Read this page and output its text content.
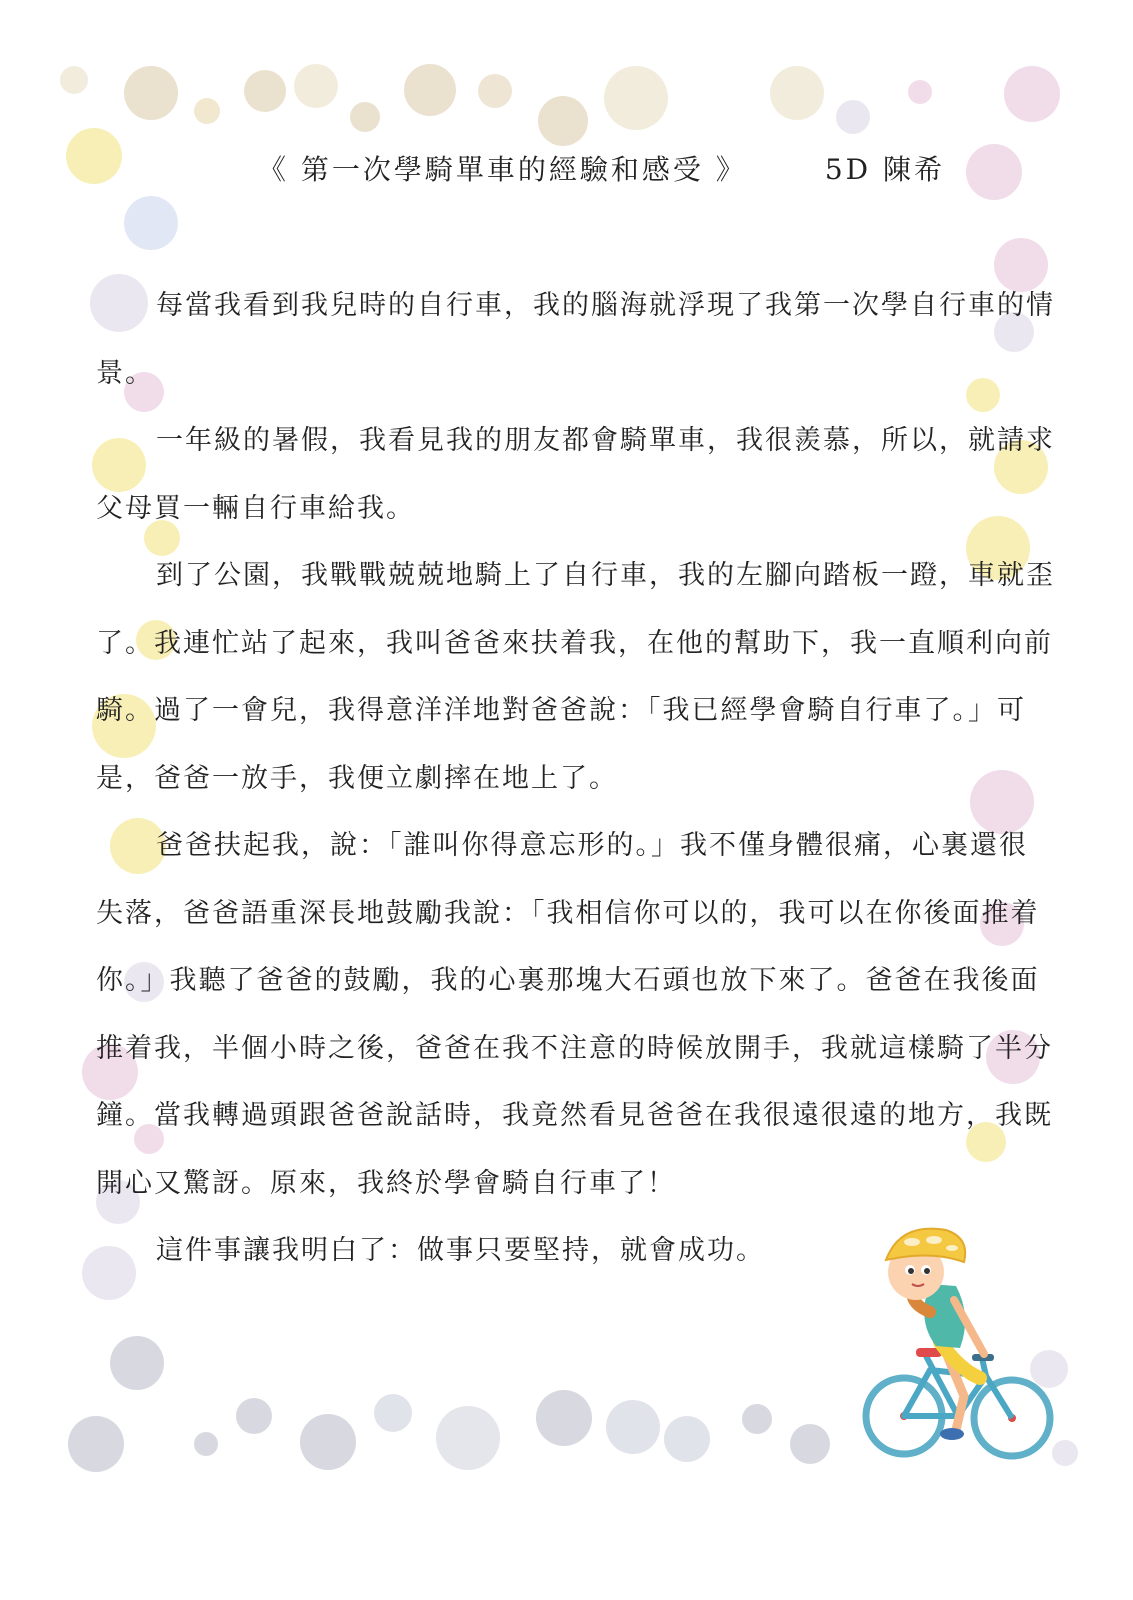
《 第一次學騎單車的經驗和感受 》	5D 陳希

每當我看到我兒時的自行車，我的腦海就浮現了我第一次學自行車的情景。

一年級的暑假，我看見我的朋友都會騎單車，我很羨慕，所以，就請求父母買一輛自行車給我。

到了公園，我戰戰兢兢地騎上了自行車，我的左腳向踏板一蹬，車就歪了。我連忙站了起來，我叫爸爸來扶着我，在他的幫助下，我一直順利向前騎。過了一會兒，我得意洋洋地對爸爸說：「我已經學會騎自行車了。」可是，爸爸一放手，我便立劇摔在地上了。

爸爸扶起我，說：「誰叫你得意忘形的。」我不僅身體很痛，心裏還很失落，爸爸語重深長地鼓勵我說：「我相信你可以的，我可以在你後面推着你。」我聽了爸爸的鼓勵，我的心裏那塊大石頭也放下來了。爸爸在我後面推着我，半個小時之後，爸爸在我不注意的時候放開手，我就這樣騎了半分鐘。當我轉過頭跟爸爸說話時，我竟然看見爸爸在我很遠很遠的地方，我既開心又驚訝。原來，我終於學會騎自行車了！

這件事讓我明白了：做事只要堅持，就會成功。
